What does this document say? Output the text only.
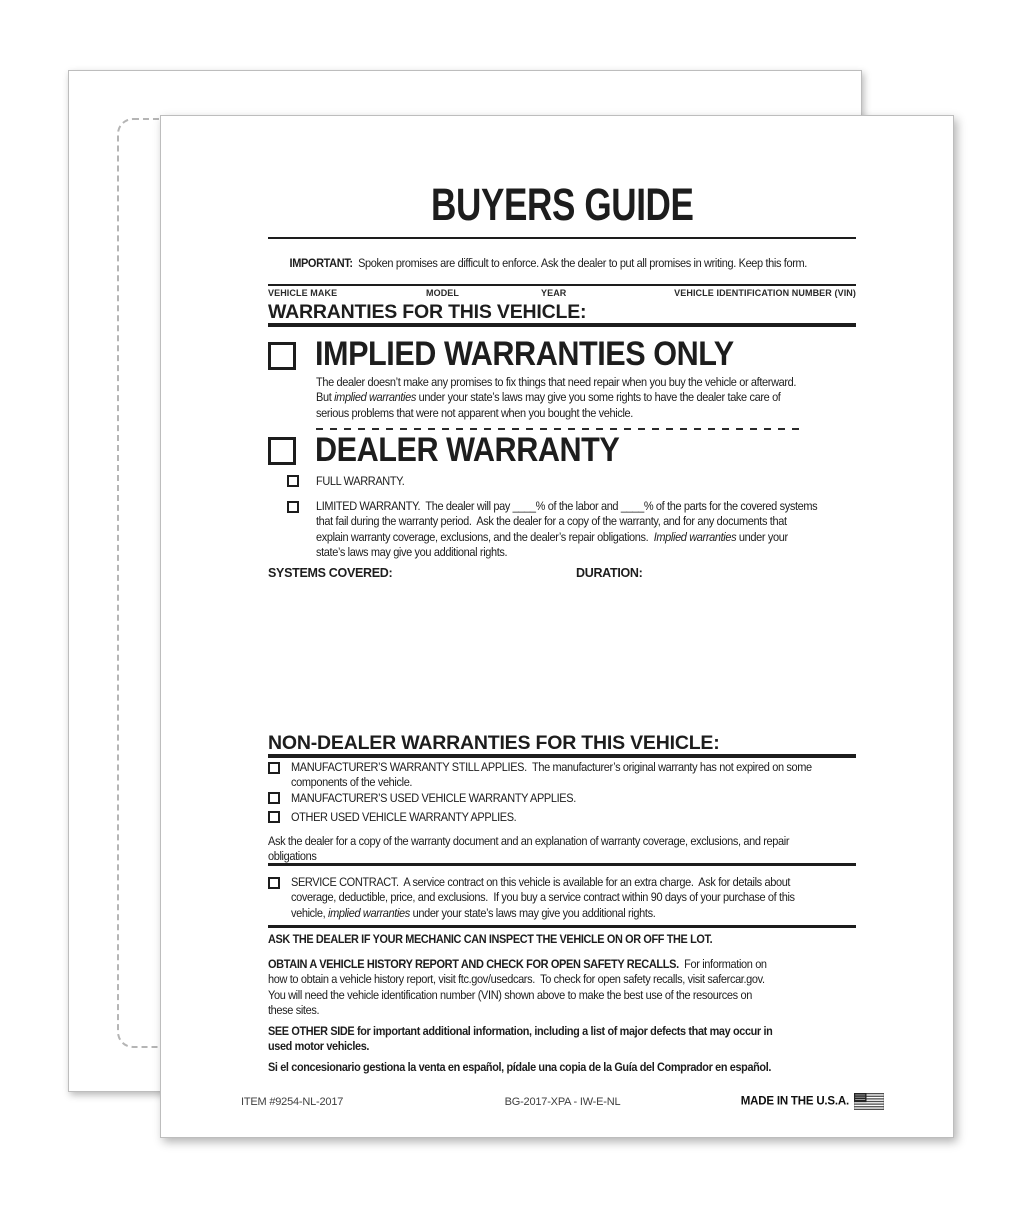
BUYERS GUIDE

IMPORTANT:  Spoken promises are difficult to enforce. Ask the dealer to put all promises in writing. Keep this form.

VEHICLE MAKE	MODEL	YEAR	VEHICLE IDENTIFICATION NUMBER (VIN)
WARRANTIES FOR THIS VEHICLE:
IMPLIED WARRANTIES ONLY
The dealer doesn’t make any promises to fix things that need repair when you buy the vehicle or afterward.
But implied warranties under your state’s laws may give you some rights to have the dealer take care of
serious problems that were not apparent when you bought the vehicle.
DEALER WARRANTY
FULL WARRANTY.
LIMITED WARRANTY.  The dealer will pay ____% of the labor and ____% of the parts for the covered systems
that fail during the warranty period.  Ask the dealer for a copy of the warranty, and for any documents that
explain warranty coverage, exclusions, and the dealer’s repair obligations.  Implied warranties under your
state’s laws may give you additional rights.
SYSTEMS COVERED:	DURATION:
NON-DEALER WARRANTIES FOR THIS VEHICLE:
MANUFACTURER’S WARRANTY STILL APPLIES.  The manufacturer’s original warranty has not expired on some
components of the vehicle.
MANUFACTURER’S USED VEHICLE WARRANTY APPLIES.
OTHER USED VEHICLE WARRANTY APPLIES.
Ask the dealer for a copy of the warranty document and an explanation of warranty coverage, exclusions, and repair
obligations
SERVICE CONTRACT.  A service contract on this vehicle is available for an extra charge.  Ask for details about
coverage, deductible, price, and exclusions.  If you buy a service contract within 90 days of your purchase of this
vehicle, implied warranties under your state’s laws may give you additional rights.
ASK THE DEALER IF YOUR MECHANIC CAN INSPECT THE VEHICLE ON OR OFF THE LOT.
OBTAIN A VEHICLE HISTORY REPORT AND CHECK FOR OPEN SAFETY RECALLS.  For information on
how to obtain a vehicle history report, visit ftc.gov/usedcars.  To check for open safety recalls, visit safercar.gov.
You will need the vehicle identification number (VIN) shown above to make the best use of the resources on
these sites.
SEE OTHER SIDE for important additional information, including a list of major defects that may occur in
used motor vehicles.
Si el concesionario gestiona la venta en español, pídale una copia de la Guía del Comprador en español.
ITEM #9254-NL-2017	BG-2017-XPA - IW-E-NL	MADE IN THE U.S.A.
